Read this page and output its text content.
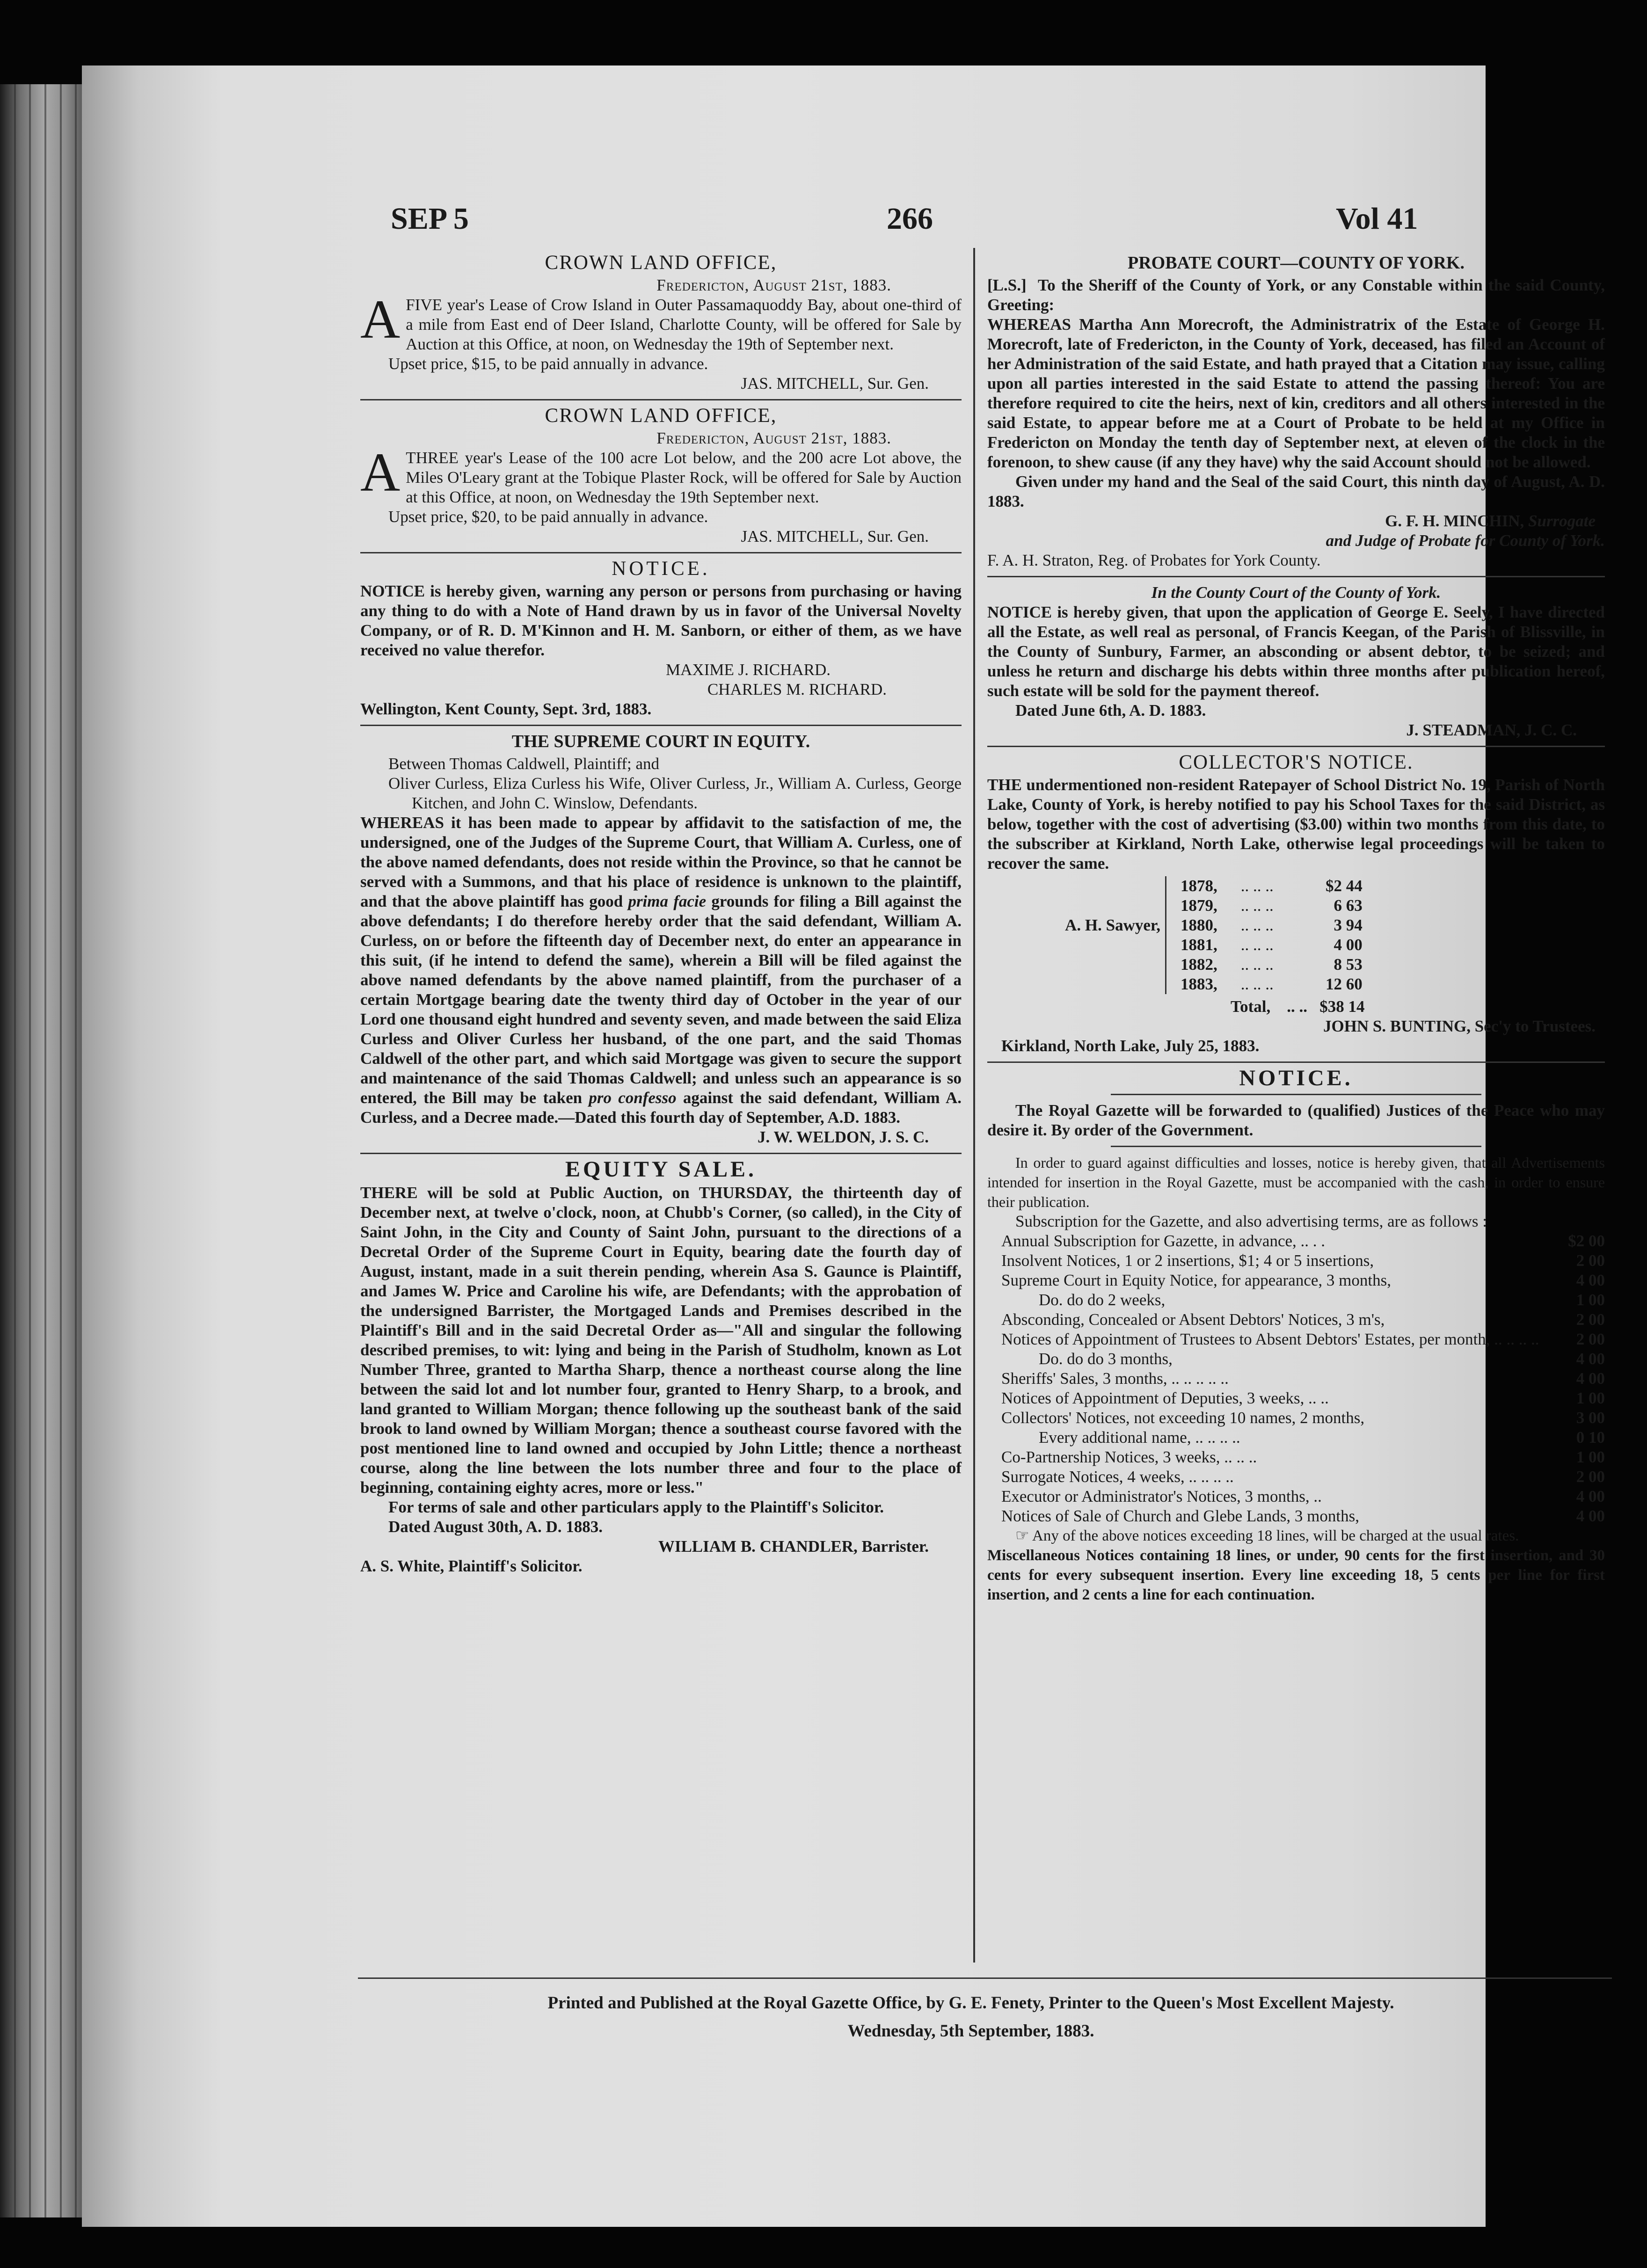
SEP 5	266	Vol 41
CROWN LAND OFFICE,
Fredericton, August 21st, 1883.

AFIVE year's Lease of Crow Island in Outer Passamaquoddy Bay, about one-third of a mile from East end of Deer Island, Charlotte County, will be offered for Sale by Auction at this Office, at noon, on Wednesday the 19th of September next.

Upset price, $15, to be paid annually in advance.

JAS. MITCHELL, Sur. Gen.
CROWN LAND OFFICE,
Fredericton, August 21st, 1883.

ATHREE year's Lease of the 100 acre Lot below, and the 200 acre Lot above, the Miles O'Leary grant at the Tobique Plaster Rock, will be offered for Sale by Auction at this Office, at noon, on Wednesday the 19th September next.

Upset price, $20, to be paid annually in advance.

JAS. MITCHELL, Sur. Gen.
NOTICE.

NOTICE is hereby given, warning any person or persons from purchasing or having any thing to do with a Note of Hand drawn by us in favor of the Universal Novelty Company, or of R. D. M'Kinnon and H. M. Sanborn, or either of them, as we have received no value therefor.

MAXIME J. RICHARD.
CHARLES M. RICHARD.
Wellington, Kent County, Sept. 3rd, 1883.
THE SUPREME COURT IN EQUITY.

Between Thomas Caldwell, Plaintiff; and

Oliver Curless, Eliza Curless his Wife, Oliver Curless, Jr., William A. Curless, George Kitchen, and John C. Winslow, Defendants.

WHEREAS it has been made to appear by affidavit to the satisfaction of me, the undersigned, one of the Judges of the Supreme Court, that William A. Curless, one of the above named defendants, does not reside within the Province, so that he cannot be served with a Summons, and that his place of residence is unknown to the plaintiff, and that the above plaintiff has good prima facie grounds for filing a Bill against the above defendants; I do therefore hereby order that the said defendant, William A. Curless, on or before the fifteenth day of December next, do enter an appearance in this suit, (if he intend to defend the same), wherein a Bill will be filed against the above named defendants by the above named plaintiff, from the purchaser of a certain Mortgage bearing date the twenty third day of October in the year of our Lord one thousand eight hundred and seventy seven, and made between the said Eliza Curless and Oliver Curless her husband, of the one part, and the said Thomas Caldwell of the other part, and which said Mortgage was given to secure the support and maintenance of the said Thomas Caldwell; and unless such an appearance is so entered, the Bill may be taken pro confesso against the said defendant, William A. Curless, and a Decree made.—Dated this fourth day of September, A.D. 1883.

J. W. WELDON, J. S. C.
EQUITY SALE.

THERE will be sold at Public Auction, on THURSDAY, the thirteenth day of December next, at twelve o'clock, noon, at Chubb's Corner, (so called), in the City of Saint John, in the City and County of Saint John, pursuant to the directions of a Decretal Order of the Supreme Court in Equity, bearing date the fourth day of August, instant, made in a suit therein pending, wherein Asa S. Gaunce is Plaintiff, and James W. Price and Caroline his wife, are Defendants; with the approbation of the undersigned Barrister, the Mortgaged Lands and Premises described in the Plaintiff's Bill and in the said Decretal Order as—"All and singular the following described premises, to wit: lying and being in the Parish of Studholm, known as Lot Number Three, granted to Martha Sharp, thence a northeast course along the line between the said lot and lot number four, granted to Henry Sharp, to a brook, and land granted to William Morgan; thence following up the southeast bank of the said brook to land owned by William Morgan; thence a southeast course favored with the post mentioned line to land owned and occupied by John Little; thence a northeast course, along the line between the lots number three and four to the place of beginning, containing eighty acres, more or less."

For terms of sale and other particulars apply to the Plaintiff's Solicitor.

Dated August 30th, A. D. 1883.

WILLIAM B. CHANDLER, Barrister.
A. S. White, Plaintiff's Solicitor.
PROBATE COURT—COUNTY OF YORK.

[L.S.] To the Sheriff of the County of York, or any Constable within the said County, Greeting:

WHEREAS Martha Ann Morecroft, the Administratrix of the Estate of George H. Morecroft, late of Fredericton, in the County of York, deceased, has filed an Account of her Administration of the said Estate, and hath prayed that a Citation may issue, calling upon all parties interested in the said Estate to attend the passing thereof: You are therefore required to cite the heirs, next of kin, creditors and all others interested in the said Estate, to appear before me at a Court of Probate to be held at my Office in Fredericton on Monday the tenth day of September next, at eleven of the clock in the forenoon, to shew cause (if any they have) why the said Account should not be allowed.

Given under my hand and the Seal of the said Court, this ninth day of August, A. D. 1883.

G. F. H. MINCHIN, Surrogate
and Judge of Probate for County of York.
F. A. H. Straton, Reg. of Probates for York County.
In the County Court of the County of York.

NOTICE is hereby given, that upon the application of George E. Seely, I have directed all the Estate, as well real as personal, of Francis Keegan, of the Parish of Blissville, in the County of Sunbury, Farmer, an absconding or absent debtor, to be seized; and unless he return and discharge his debts within three months after publication hereof, such estate will be sold for the payment thereof.

Dated June 6th, A. D. 1883.

J. STEADMAN, J. C. C.
COLLECTOR'S NOTICE.

THE undermentioned non-resident Ratepayer of School District No. 19, Parish of North Lake, County of York, is hereby notified to pay his School Taxes for the said District, as below, together with the cost of advertising ($3.00) within two months from this date, to the subscriber at Kirkland, North Lake, otherwise legal proceedings will be taken to recover the same.

		1878,	.. .. ..	$2 44
		1879,	.. .. ..	6 63
A. H. Sawyer,		1880,	.. .. ..	3 94
		1881,	.. .. ..	4 00
		1882,	.. .. ..	8 53
		1883,	.. .. ..	12 60
Total, .. .. $38 14
JOHN S. BUNTING, Sec'y to Trustees.
Kirkland, North Lake, July 25, 1883.
NOTICE.

The Royal Gazette will be forwarded to (qualified) Justices of the Peace who may desire it. By order of the Government.

In order to guard against difficulties and losses, notice is hereby given, that all Advertisements intended for insertion in the Royal Gazette, must be accompanied with the cash, in order to ensure their publication.

Subscription for the Gazette, and also advertising terms, are as follows :

Annual Subscription for Gazette, in advance, .. . .	$2 00
Insolvent Notices, 1 or 2 insertions, $1; 4 or 5 insertions,	2 00
Supreme Court in Equity Notice, for appearance, 3 months,	4 00
Do. do do 2 weeks,	1 00
Absconding, Concealed or Absent Debtors' Notices, 3 m's,	2 00
Notices of Appointment of Trustees to Absent Debtors' Estates, per month, .. .. .. ..	2 00
Do. do do 3 months,	4 00
Sheriffs' Sales, 3 months, .. .. .. .. ..	4 00
Notices of Appointment of Deputies, 3 weeks, .. ..	1 00
Collectors' Notices, not exceeding 10 names, 2 months,	3 00
Every additional name, .. .. .. ..	0 10
Co-Partnership Notices, 3 weeks, .. .. ..	1 00
Surrogate Notices, 4 weeks, .. .. .. ..	2 00
Executor or Administrator's Notices, 3 months, ..	4 00
Notices of Sale of Church and Glebe Lands, 3 months,	4 00

☞ Any of the above notices exceeding 18 lines, will be charged at the usual rates.

Miscellaneous Notices containing 18 lines, or under, 90 cents for the first insertion, and 30 cents for every subsequent insertion. Every line exceeding 18, 5 cents per line for first insertion, and 2 cents a line for each continuation.

Printed and Published at the Royal Gazette Office, by G. E. Fenety, Printer to the Queen's Most Excellent Majesty.
Wednesday, 5th September, 1883.
